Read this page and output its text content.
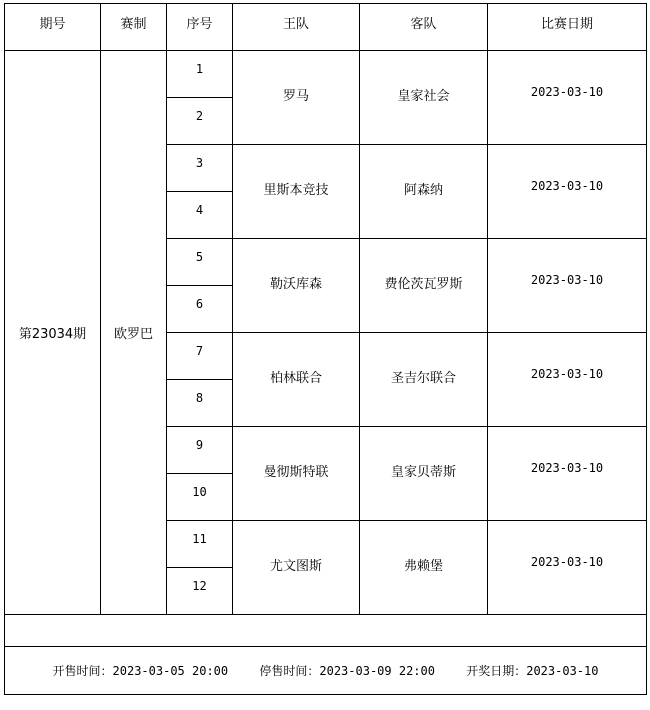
期号	赛制	序号	王队	客队	比赛日期
第23034期	欧罗巴	1	罗马	皇家社会	2023-03-10
		2			
		3	里斯本竞技	阿森纳	2023-03-10
		4			
		5	勒沃库森	费伦茨瓦罗斯	2023-03-10
		6			
		7	柏林联合	圣吉尔联合	2023-03-10
		8			
		9	曼彻斯特联	皇家贝蒂斯	2023-03-10
		10			
		11	尤文图斯	弗赖堡	2023-03-10
		12			

开售时间：2023-03-05 20:00 停售时间：2023-03-09 22:00 开奖日期：2023-03-10					
